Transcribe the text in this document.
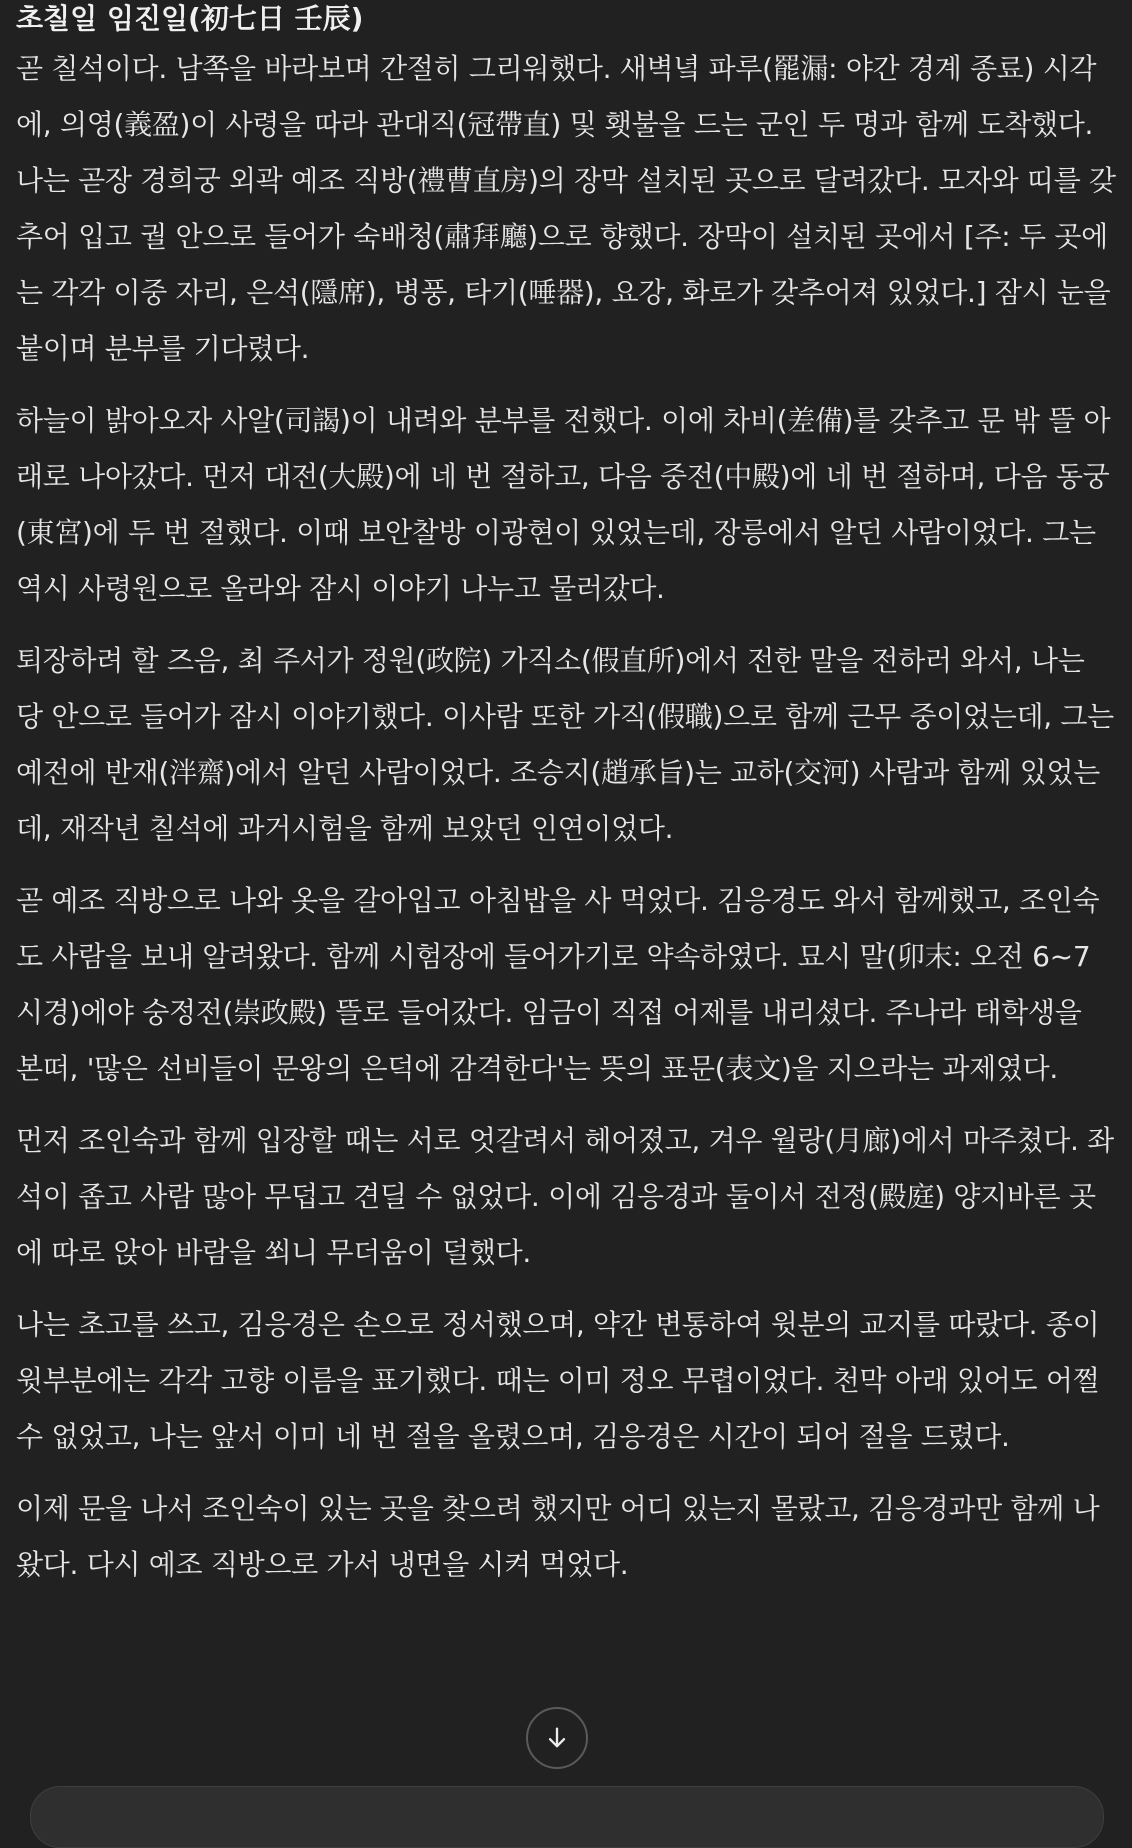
초칠일 임진일(初七日 壬辰)

곧 칠석이다. 남쪽을 바라보며 간절히 그리워했다. 새벽녘 파루(罷漏: 야간 경계 종료) 시각에, 의영(義盈)이 사령을 따라 관대직(冠帶直) 및 횃불을 드는 군인 두 명과 함께 도착했다. 나는 곧장 경희궁 외곽 예조 직방(禮曹直房)의 장막 설치된 곳으로 달려갔다. 모자와 띠를 갖추어 입고 궐 안으로 들어가 숙배청(肅拜廳)으로 향했다. 장막이 설치된 곳에서 [주: 두 곳에는 각각 이중 자리, 은석(隱席), 병풍, 타기(唾器), 요강, 화로가 갖추어져 있었다.] 잠시 눈을 붙이며 분부를 기다렸다.

하늘이 밝아오자 사알(司謁)이 내려와 분부를 전했다. 이에 차비(差備)를 갖추고 문 밖 뜰 아래로 나아갔다. 먼저 대전(大殿)에 네 번 절하고, 다음 중전(中殿)에 네 번 절하며, 다음 동궁(東宮)에 두 번 절했다. 이때 보안찰방 이광현이 있었는데, 장릉에서 알던 사람이었다. 그는 역시 사령원으로 올라와 잠시 이야기 나누고 물러갔다.

퇴장하려 할 즈음, 최 주서가 정원(政院) 가직소(假直所)에서 전한 말을 전하러 와서, 나는 당 안으로 들어가 잠시 이야기했다. 이사람 또한 가직(假職)으로 함께 근무 중이었는데, 그는 예전에 반재(泮齋)에서 알던 사람이었다. 조승지(趙承旨)는 교하(交河) 사람과 함께 있었는데, 재작년 칠석에 과거시험을 함께 보았던 인연이었다.

곧 예조 직방으로 나와 옷을 갈아입고 아침밥을 사 먹었다. 김응경도 와서 함께했고, 조인숙도 사람을 보내 알려왔다. 함께 시험장에 들어가기로 약속하였다. 묘시 말(卯末: 오전 6~7시경)에야 숭정전(崇政殿) 뜰로 들어갔다. 임금이 직접 어제를 내리셨다. 주나라 태학생을 본떠, '많은 선비들이 문왕의 은덕에 감격한다'는 뜻의 표문(表文)을 지으라는 과제였다.

먼저 조인숙과 함께 입장할 때는 서로 엇갈려서 헤어졌고, 겨우 월랑(月廊)에서 마주쳤다. 좌석이 좁고 사람 많아 무덥고 견딜 수 없었다. 이에 김응경과 둘이서 전정(殿庭) 양지바른 곳에 따로 앉아 바람을 쐬니 무더움이 덜했다.

나는 초고를 쓰고, 김응경은 손으로 정서했으며, 약간 변통하여 윗분의 교지를 따랐다. 종이 윗부분에는 각각 고향 이름을 표기했다. 때는 이미 정오 무렵이었다. 천막 아래 있어도 어쩔 수 없었고, 나는 앞서 이미 네 번 절을 올렸으며, 김응경은 시간이 되어 절을 드렸다.

이제 문을 나서 조인숙이 있는 곳을 찾으려 했지만 어디 있는지 몰랐고, 김응경과만 함께 나왔다. 다시 예조 직방으로 가서 냉면을 시켜 먹었다.
